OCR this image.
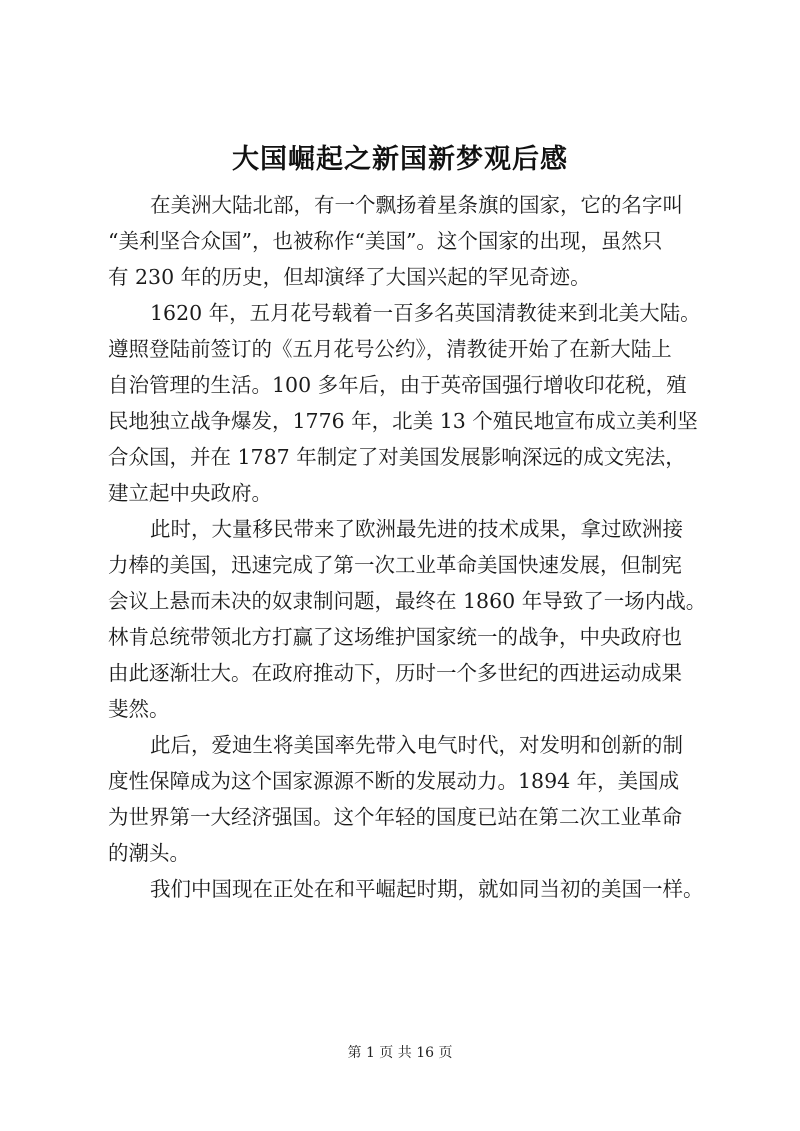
大国崛起之新国新梦观后感
在美洲大陆北部，有一个飘扬着星条旗的国家，它的名字叫
“美利坚合众国”，也被称作“美国”。这个国家的出现，虽然只
有 230 年的历史，但却演绎了大国兴起的罕见奇迹。
1620 年，五月花号载着一百多名英国清教徒来到北美大陆。
遵照登陆前签订的《五月花号公约》，清教徒开始了在新大陆上
自治管理的生活。100 多年后，由于英帝国强行增收印花税，殖
民地独立战争爆发，1776 年，北美 13 个殖民地宣布成立美利坚
合众国，并在 1787 年制定了对美国发展影响深远的成文宪法，
建立起中央政府。
此时，大量移民带来了欧洲最先进的技术成果，拿过欧洲接
力棒的美国，迅速完成了第一次工业革命美国快速发展，但制宪
会议上悬而未决的奴隶制问题，最终在 1860 年导致了一场内战。
林肯总统带领北方打赢了这场维护国家统一的战争，中央政府也
由此逐渐壮大。在政府推动下，历时一个多世纪的西进运动成果
斐然。
此后，爱迪生将美国率先带入电气时代，对发明和创新的制
度性保障成为这个国家源源不断的发展动力。1894 年，美国成
为世界第一大经济强国。这个年轻的国度已站在第二次工业革命
的潮头。
我们中国现在正处在和平崛起时期，就如同当初的美国一样。
第 1 页 共 16 页
